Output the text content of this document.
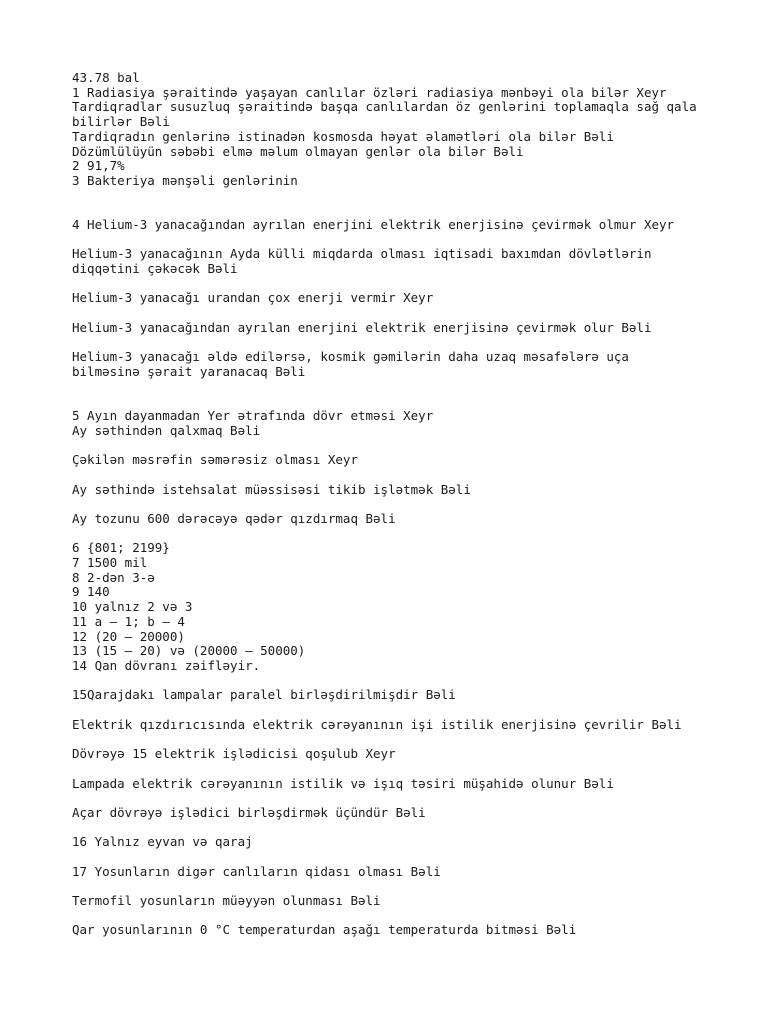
43.78 bal
1 Radiasiya şəraitində yaşayan canlılar özləri radiasiya mənbəyi ola bilər Xeyr
Tardiqradlar susuzluq şəraitində başqa canlılardan öz genlərini toplamaqla sağ qala
bilirlər Bəli
Tardiqradın genlərinə istinadən kosmosda həyat əlamətləri ola bilər Bəli
Dözümlülüyün səbəbi elmə məlum olmayan genlər ola bilər Bəli
2 91,7%
3 Bakteriya mənşəli genlərinin
4 Helium-3 yanacağından ayrılan enerjini elektrik enerjisinə çevirmək olmur Xeyr
Helium-3 yanacağının Ayda külli miqdarda olması iqtisadi baxımdan dövlətlərin
diqqətini çəkəcək Bəli
Helium-3 yanacağı urandan çox enerji vermir Xeyr
Helium-3 yanacağından ayrılan enerjini elektrik enerjisinə çevirmək olur Bəli
Helium-3 yanacağı əldə edilərsə, kosmik gəmilərin daha uzaq məsafələrə uça
bilməsinə şərait yaranacaq Bəli
5 Ayın dayanmadan Yer ətrafında dövr etməsi Xeyr
Ay səthindən qalxmaq Bəli
Çəkilən məsrəfin səmərəsiz olması Xeyr
Ay səthində istehsalat müəssisəsi tikib işlətmək Bəli
Ay tozunu 600 dərəcəyə qədər qızdırmaq Bəli
6 {801; 2199}
7 1500 mil
8 2-dən 3-ə
9 140
10 yalnız 2 və 3
11 a – 1; b – 4
12 (20 – 20000)
13 (15 – 20) və (20000 – 50000)
14 Qan dövranı zəifləyir.
15Qarajdakı lampalar paralel birləşdirilmişdir Bəli
Elektrik qızdırıcısında elektrik cərəyanının işi istilik enerjisinə çevrilir Bəli
Dövrəyə 15 elektrik işlədicisi qoşulub Xeyr
Lampada elektrik cərəyanının istilik və işıq təsiri müşahidə olunur Bəli
Açar dövrəyə işlədici birləşdirmək üçündür Bəli
16 Yalnız eyvan və qaraj
17 Yosunların digər canlıların qidası olması Bəli
Termofil yosunların müəyyən olunması Bəli
Qar yosunlarının 0 °C temperaturdan aşağı temperaturda bitməsi Bəli
